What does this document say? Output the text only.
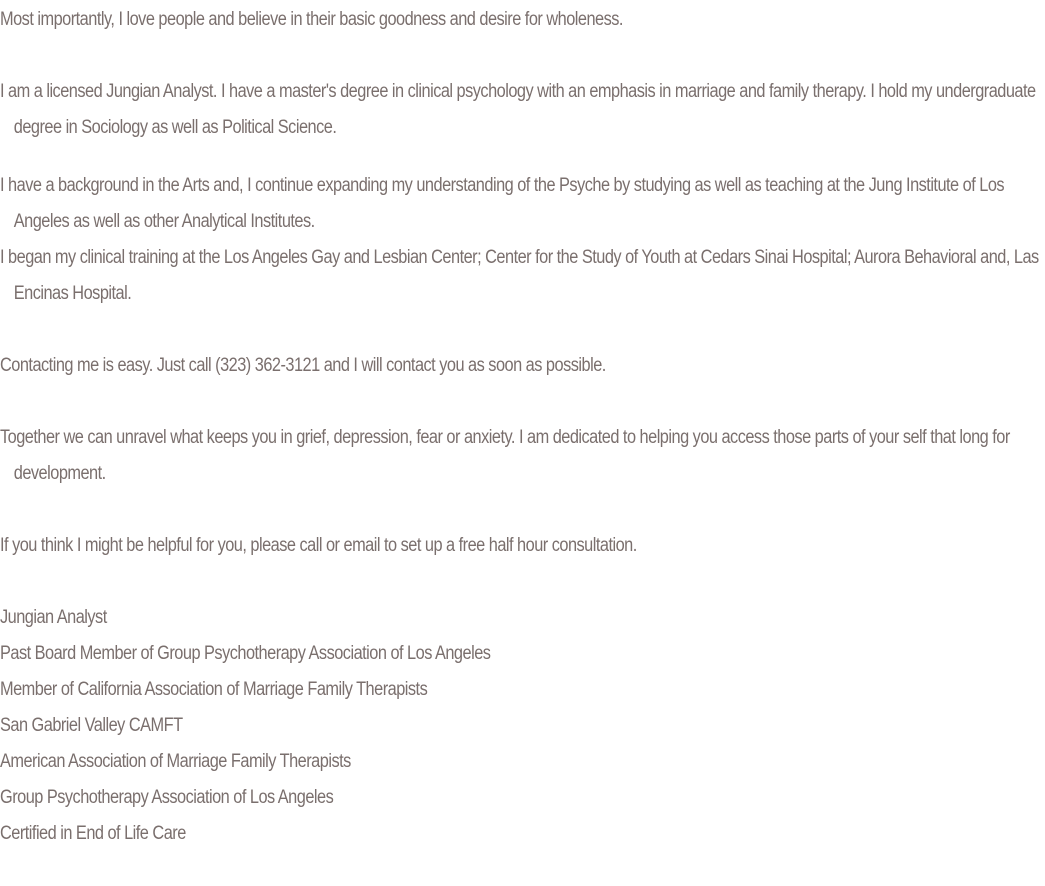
Most importantly, I love people and believe in their basic goodness and desire for wholeness.

I am a licensed Jungian Analyst. I have a master's degree in clinical psychology with an emphasis in marriage and family therapy. I hold my undergraduate degree in Sociology as well as Political Science.

I have a background in the Arts and, I continue expanding my understanding of the Psyche by studying as well as teaching at the Jung Institute of Los Angeles as well as other Analytical Institutes.

I began my clinical training at the Los Angeles Gay and Lesbian Center; Center for the Study of Youth at Cedars Sinai Hospital; Aurora Behavioral and, Las Encinas Hospital.

Contacting me is easy. Just call (323) 362-3121 and I will contact you as soon as possible.

Together we can unravel what keeps you in grief, depression, fear or anxiety. I am dedicated to helping you access those parts of your self that long for development.

If you think I might be helpful for you, please call or email to set up a free half hour consultation.

Jungian Analyst

Past Board Member of Group Psychotherapy Association of Los Angeles

Member of California Association of Marriage Family Therapists

San Gabriel Valley CAMFT

American Association of Marriage Family Therapists

Group Psychotherapy Association of Los Angeles

Certified in End of Life Care
